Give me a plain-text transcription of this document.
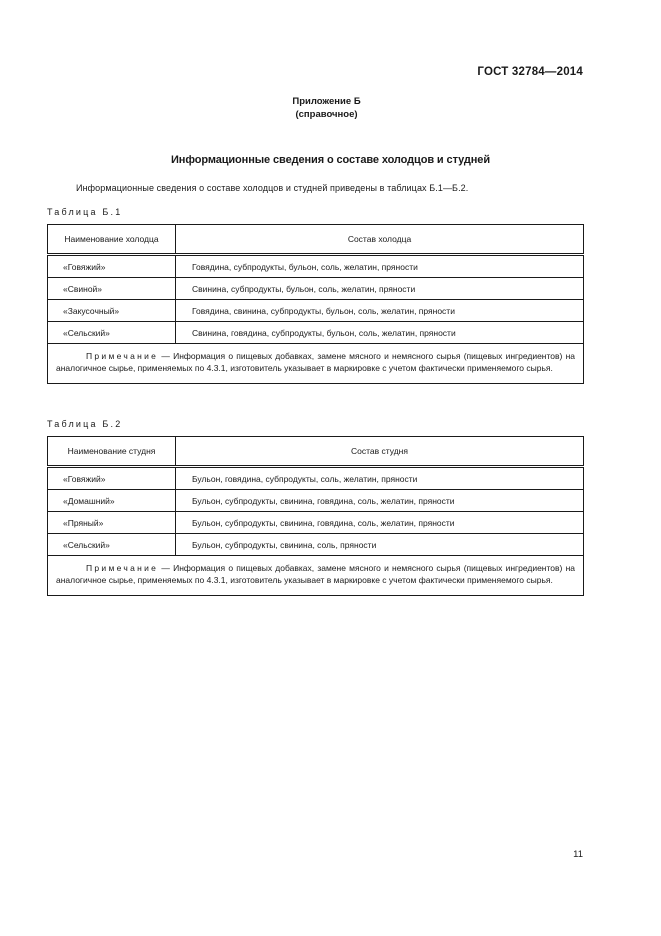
ГОСТ 32784—2014
Приложение Б
(справочное)
Информационные сведения о составе холодцов и студней
Информационные сведения о составе холодцов и студней приведены в таблицах Б.1—Б.2.
Таблица Б.1
Наименование холодца	Состав холодца
«Говяжий»	Говядина, субпродукты, бульон, соль, желатин, пряности
«Свиной»	Свинина, субпродукты, бульон, соль, желатин, пряности
«Закусочный»	Говядина, свинина, субпродукты, бульон, соль, желатин, пряности
«Сельский»	Свинина, говядина, субпродукты, бульон, соль, желатин, пряности
Примечание — Информация о пищевых добавках, замене мясного и немясного сырья (пищевых ингредиентов) на аналогичное сырье, применяемых по 4.3.1, изготовитель указывает в маркировке с учетом фактически применяемого сырья.	
Таблица Б.2
Наименование студня	Состав студня
«Говяжий»	Бульон, говядина, субпродукты, соль, желатин, пряности
«Домашний»	Бульон, субпродукты, свинина, говядина, соль, желатин, пряности
«Пряный»	Бульон, субпродукты, свинина, говядина, соль, желатин, пряности
«Сельский»	Бульон, субпродукты, свинина, соль, пряности
Примечание — Информация о пищевых добавках, замене мясного и немясного сырья (пищевых ингредиентов) на аналогичное сырье, применяемых по 4.3.1, изготовитель указывает в маркировке с учетом фактически применяемого сырья.	
11
